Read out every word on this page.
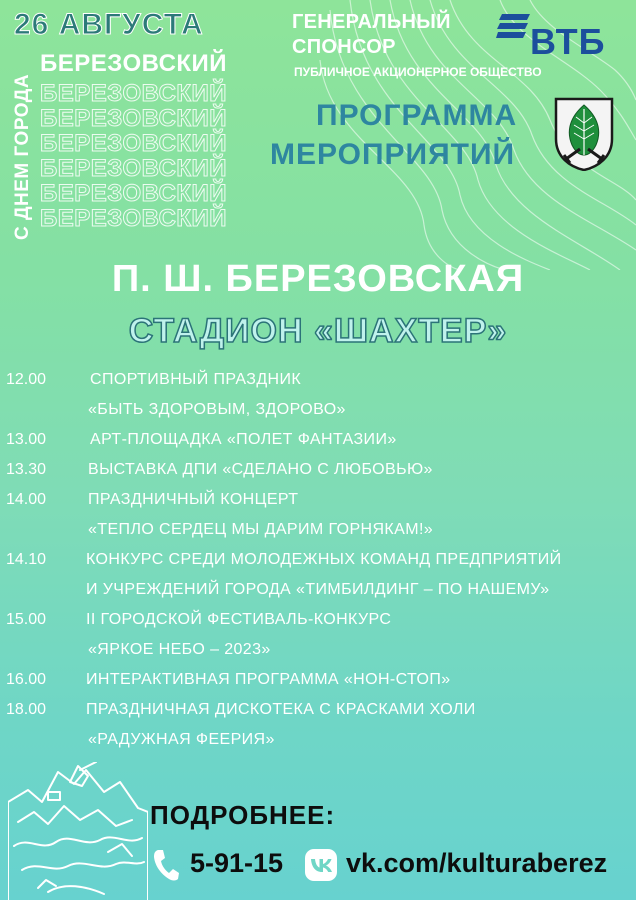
26 АВГУСТА
С ДНЕМ ГОРОДА
БЕРЕЗОВСКИЙ
БЕРЕЗОВСКИЙ
БЕРЕЗОВСКИЙ
БЕРЕЗОВСКИЙ
БЕРЕЗОВСКИЙ
БЕРЕЗОВСКИЙ
БЕРЕЗОВСКИЙ
ГЕНЕРАЛЬНЫЙ
СПОНСОР
ПУБЛИЧНОЕ АКЦИОНЕРНОЕ ОБЩЕСТВО
ВТБ
ПРОГРАММА
МЕРОПРИЯТИЙ
П. Ш. БЕРЕЗОВСКАЯ
СТАДИОН «ШАХТЕР»
12.00	СПОРТИВНЫЙ ПРАЗДНИК
«БЫТЬ ЗДОРОВЫМ, ЗДОРОВО»
13.00	АРТ-ПЛОЩАДКА «ПОЛЕТ ФАНТАЗИИ»
13.30	ВЫСТАВКА ДПИ «СДЕЛАНО С ЛЮБОВЬЮ»
14.00	ПРАЗДНИЧНЫЙ КОНЦЕРТ
«ТЕПЛО СЕРДЕЦ МЫ ДАРИМ ГОРНЯКАМ!»
14.10 КОНКУРС СРЕДИ МОЛОДЕЖНЫХ КОМАНД ПРЕДПРИЯТИЙ
И УЧРЕЖДЕНИЙ ГОРОДА «ТИМБИЛДИНГ – ПО НАШЕМУ»
15.00 II ГОРОДСКОЙ ФЕСТИВАЛЬ-КОНКУРС
«ЯРКОЕ НЕБО – 2023»
16.00 ИНТЕРАКТИВНАЯ ПРОГРАММА «НОН-СТОП»
18.00 ПРАЗДНИЧНАЯ ДИСКОТЕКА С КРАСКАМИ ХОЛИ
«РАДУЖНАЯ ФЕЕРИЯ»
ПОДРОБНЕЕ:
5-91-15 vk.com/kulturaberez
